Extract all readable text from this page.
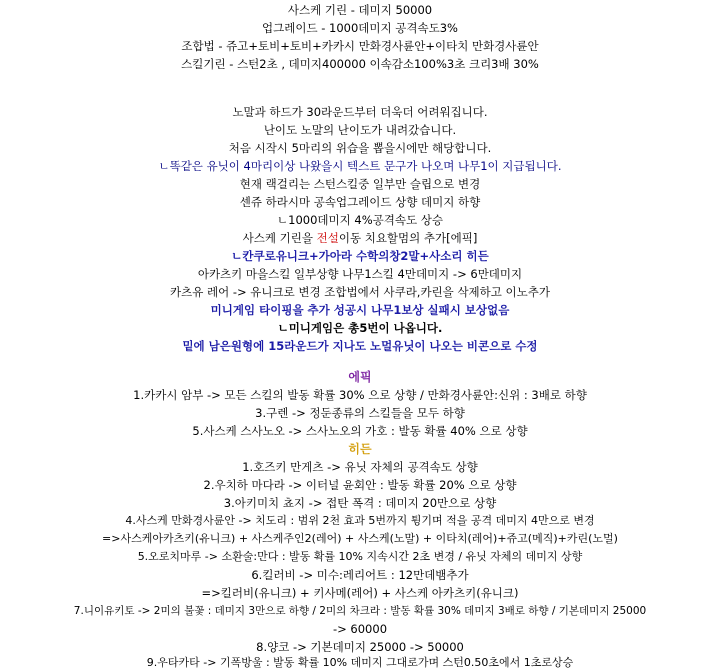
사스케 기린 - 데미지 50000
업그레이드 - 1000데미지 공격속도3%
조합법 - 쥬고+토비+토비+카카시 만화경사륜안+이타치 만화경사륜안
스킬기린 - 스턴2초 , 데미지400000 이속감소100%3초 크리3배 30%
노말과 하드가 30라운드부터 더욱더 어려워집니다.
난이도 노말의 난이도가 내려갔습니다.
처음 시작시 5마리의 위습을 뽑을시에만 해당합니다.
ㄴ똑같은 유닛이 4마리이상 나왔을시 텍스트 문구가 나오며 나무1이 지급됩니다.
현재 랙걸리는 스턴스킬중 일부만 슬립으로 변경
센쥬 하라시마 공속업그레이드 상향 데미지 하향
ㄴ1000데미지 4%공격속도 상승
사스케 기린을 전설이동 치요할멈의 추가[에픽]
ㄴ칸쿠로유니크+가아라 수학의창2말+사소리 히든
아카츠키 마을스킬 일부상향 나무1스킬 4만데미지 -> 6만데미지
카츠유 레어 -> 유니크로 변경 조합법에서 사쿠라,카린을 삭제하고 이노추가
미니게임 타이핑을 추가 성공시 나무1보상 실패시 보상없음
ㄴ미니게임은 총5번이 나옵니다.
밑에 남은원형에 15라운드가 지나도 노멀유닛이 나오는 비콘으로 수정
에픽
1.카카시 암부 -> 모든 스킬의 발동 확률 30% 으로 상향 / 만화경사륜안:신위 : 3배로 하향
3.구렌 -> 정둔종류의 스킬들을 모두 하향
5.사스케 스사노오 -> 스사노오의 가호 : 발동 확률 40% 으로 상향
히든
1.호즈키 만게츠 -> 유닛 자체의 공격속도 상향
2.우치하 마다라 -> 이터널 윤회안 : 발동 확률 20% 으로 상향
3.아키미치 쵸지 -> 접탄 폭격 : 데미지 20만으로 상향
4.사스케 만화경사륜안 -> 치도리 : 범위 2천 효과 5번까지 튕기며 적을 공격 데미지 4만으로 변경
=>사스케아카츠키(유니크) + 사스케주인2(레어) + 사스케(노말) + 이타치(레어)+쥬고(메직)+카린(노멀)
5.오로치마루 -> 소환술:만다 : 발동 확률 10% 지속시간 2초 변경 / 유닛 자체의 데미지 상향
6.킬러비 -> 미수:레리어트 : 12만데뱀추가
=>킬러비(유니크) + 키사메(레어) + 사스케 아카츠키(유니크)
7.니이유키토 -> 2미의 불꽃 : 데미지 3만으로 하향 / 2미의 차크라 : 발동 확률 30% 데미지 3배로 하향 / 기본데미지 25000
-> 60000
8.양코 -> 기본데미지 25000 -> 50000
9.우타카타 -> 기폭방울 : 발동 확률 10% 데미지 그대로가며 스턴0.50초에서 1초로상승
